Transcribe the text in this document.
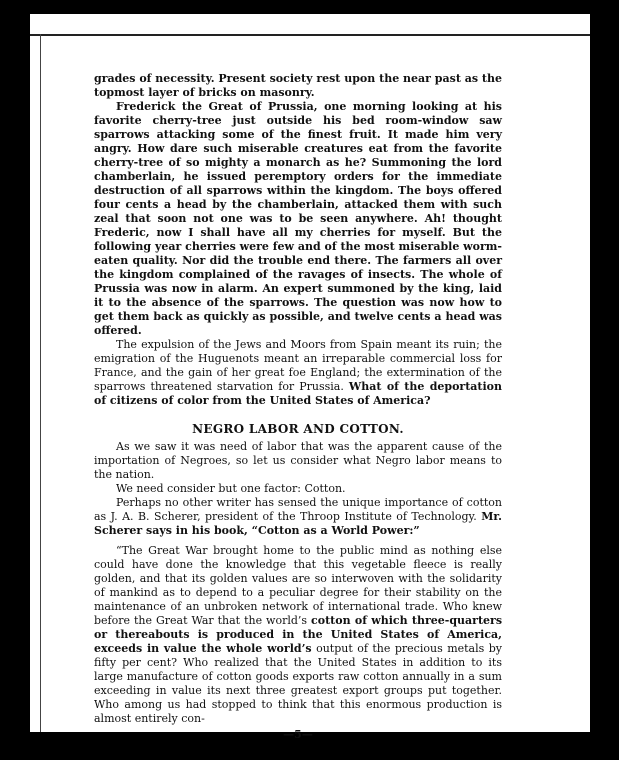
grades of necessity. Present society rest upon the near past as the topmost layer of bricks on masonry.

Frederick the Great of Prussia, one morning looking at his favorite cherry-tree just outside his bed room-window saw sparrows attacking some of the finest fruit. It made him very angry. How dare such miserable creatures eat from the favorite cherry-tree of so mighty a monarch as he? Summoning the lord chamberlain, he issued peremptory orders for the immediate destruction of all sparrows within the kingdom. The boys offered four cents a head by the chamberlain, attacked them with such zeal that soon not one was to be seen anywhere. Ah! thought Frederic, now I shall have all my cherries for myself. But the following year cherries were few and of the most miserable worm-eaten quality. Nor did the trouble end there. The farmers all over the kingdom complained of the ravages of insects. The whole of Prussia was now in alarm. An expert summoned by the king, laid it to the absence of the sparrows. The question was now how to get them back as quickly as possible, and twelve cents a head was offered.

The expulsion of the Jews and Moors from Spain meant its ruin; the emigration of the Huguenots meant an irreparable commercial loss for France, and the gain of her great foe England; the extermination of the sparrows threatened starvation for Prussia. What of the deportation of citizens of color from the United States of America?

NEGRO LABOR AND COTTON.

As we saw it was need of labor that was the apparent cause of the importation of Negroes, so let us consider what Negro labor means to the nation.

We need consider but one factor: Cotton.

Perhaps no other writer has sensed the unique importance of cotton as J. A. B. Scherer, president of the Throop Institute of Technology. Mr. Scherer says in his book, “Cotton as a World Power:”

“The Great War brought home to the public mind as nothing else could have done the knowledge that this vegetable fleece is really golden, and that its golden values are so interwoven with the solidarity of mankind as to depend to a peculiar degree for their stability on the maintenance of an unbroken network of international trade. Who knew before the Great War that the world’s cotton of which three-quarters or thereabouts is produced in the United States of America, exceeds in value the whole world’s output of the precious metals by fifty per cent? Who realized that the United States in addition to its large manufacture of cotton goods exports raw cotton annually in a sum exceeding in value its next three greatest export groups put together. Who among us had stopped to think that this enormous production is almost entirely con-

—5—
